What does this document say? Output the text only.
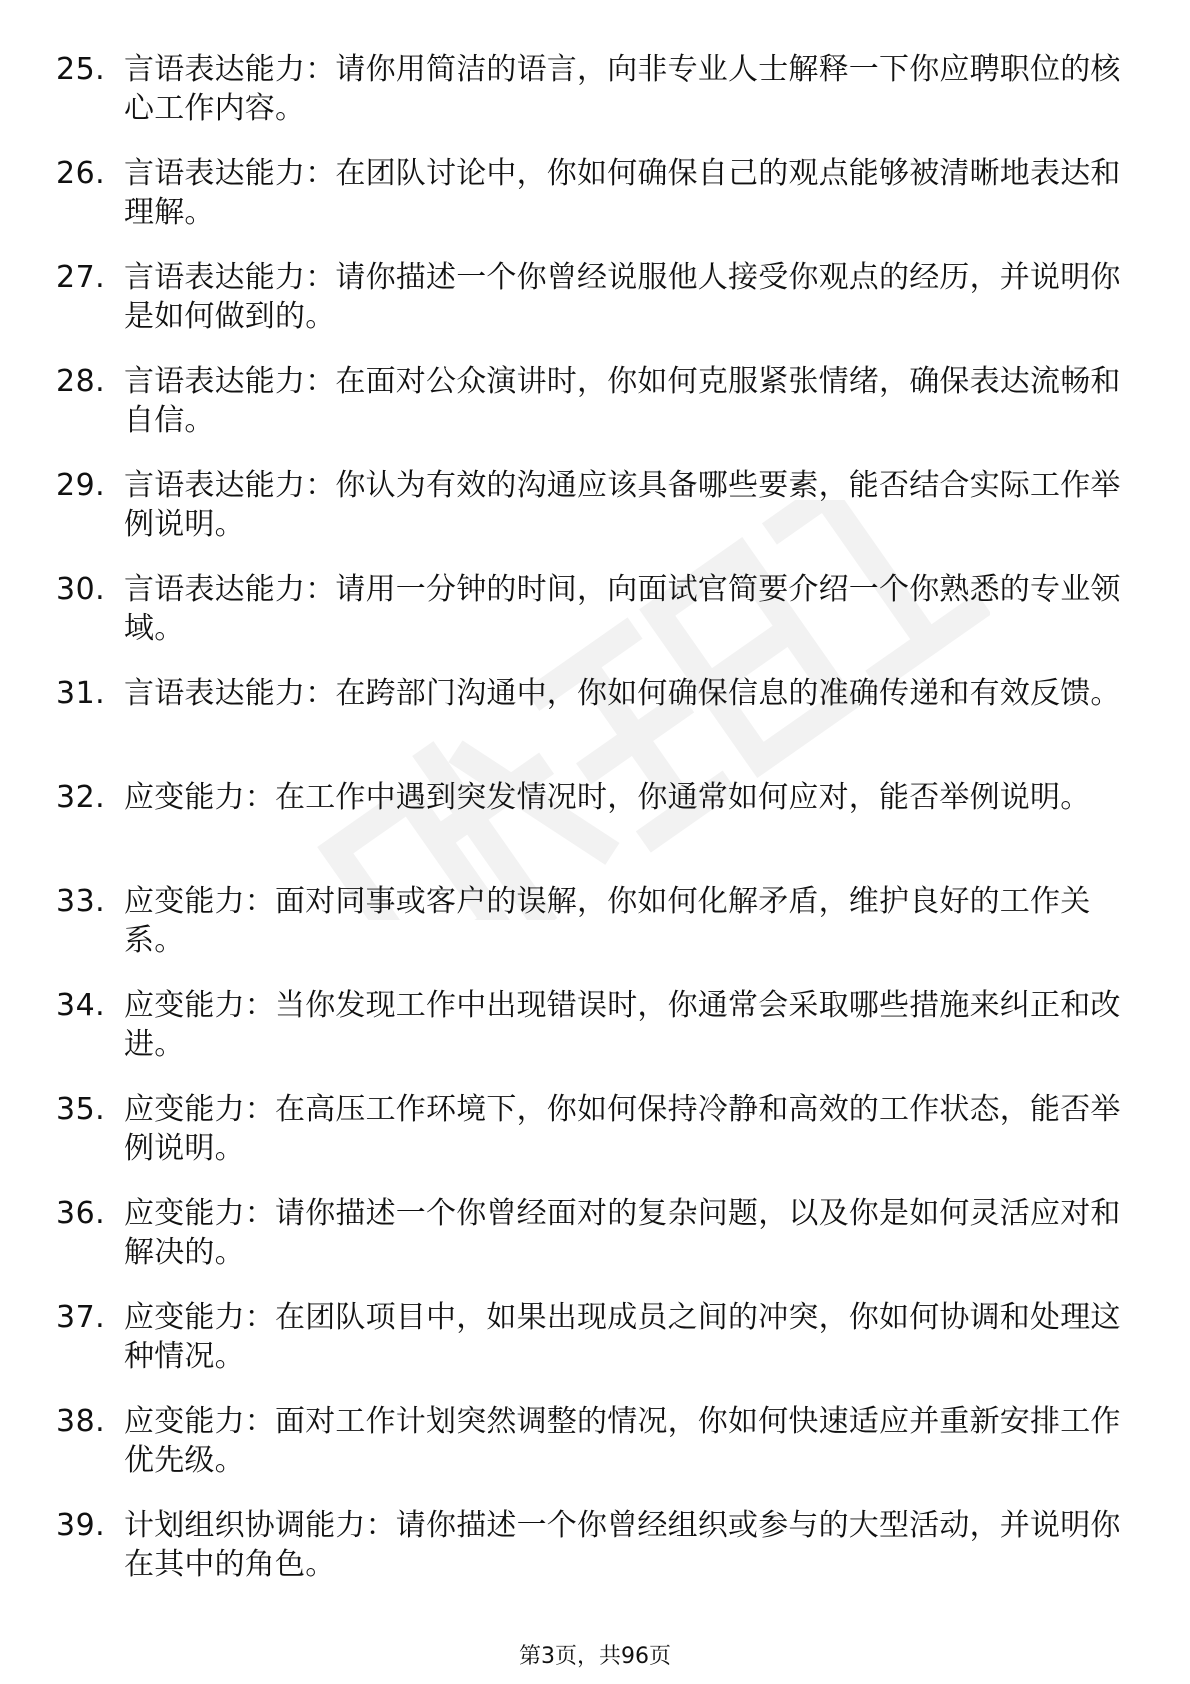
25. 言语表达能力：请你用简洁的语言，向非专业人士解释一下你应聘职位的核心工作内容。
26. 言语表达能力：在团队讨论中，你如何确保自己的观点能够被清晰地表达和理解。
27. 言语表达能力：请你描述一个你曾经说服他人接受你观点的经历，并说明你是如何做到的。
28. 言语表达能力：在面对公众演讲时，你如何克服紧张情绪，确保表达流畅和自信。
29. 言语表达能力：你认为有效的沟通应该具备哪些要素，能否结合实际工作举例说明。
30. 言语表达能力：请用一分钟的时间，向面试官简要介绍一个你熟悉的专业领域。
31. 言语表达能力：在跨部门沟通中，你如何确保信息的准确传递和有效反馈。
32. 应变能力：在工作中遇到突发情况时，你通常如何应对，能否举例说明。
33. 应变能力：面对同事或客户的误解，你如何化解矛盾，维护良好的工作关系。
34. 应变能力：当你发现工作中出现错误时，你通常会采取哪些措施来纠正和改进。
35. 应变能力：在高压工作环境下，你如何保持冷静和高效的工作状态，能否举例说明。
36. 应变能力：请你描述一个你曾经面对的复杂问题，以及你是如何灵活应对和解决的。
37. 应变能力：在团队项目中，如果出现成员之间的冲突，你如何协调和处理这种情况。
38. 应变能力：面对工作计划突然调整的情况，你如何快速适应并重新安排工作优先级。
39. 计划组织协调能力：请你描述一个你曾经组织或参与的大型活动，并说明你在其中的角色。
第3页，共96页
